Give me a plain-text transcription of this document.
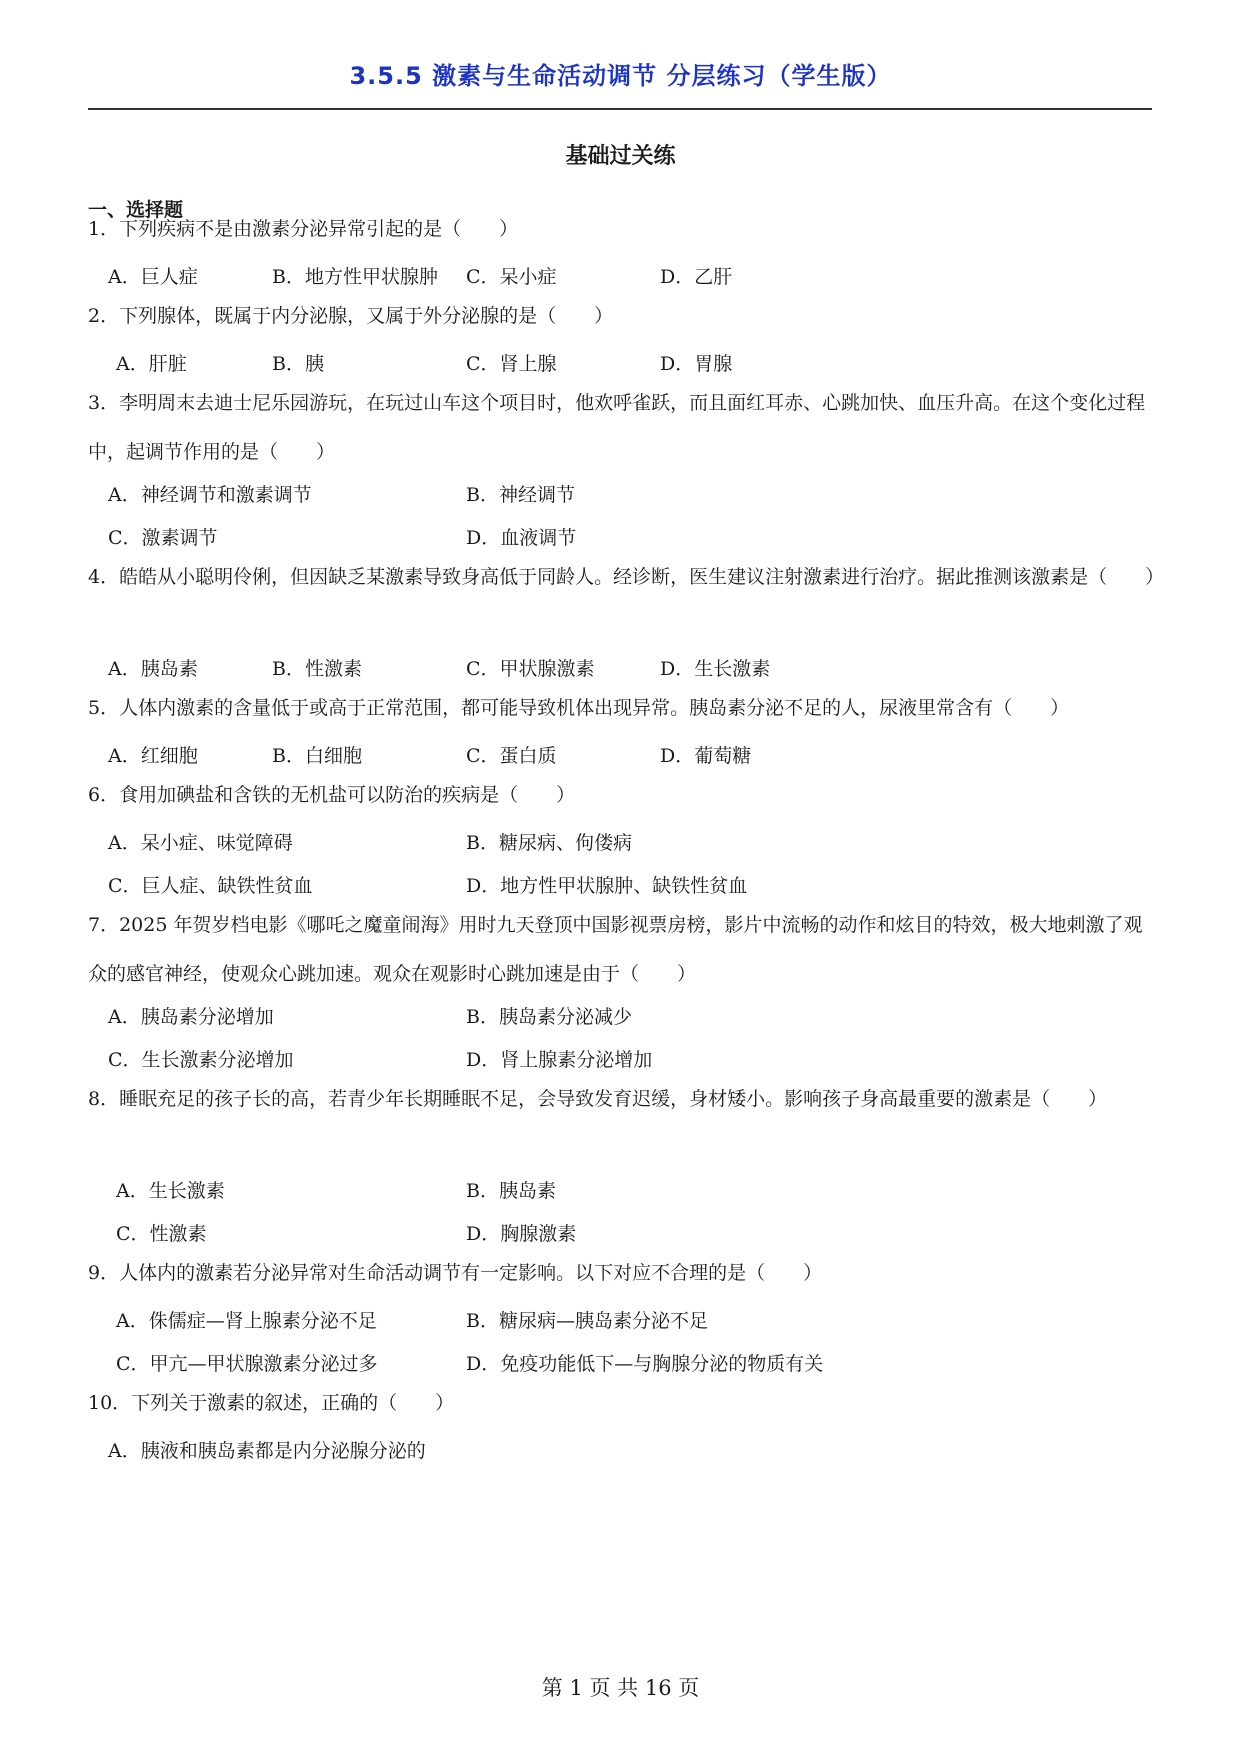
3.5.5 激素与生命活动调节 分层练习（学生版）
基础过关练
一、选择题
1．下列疾病不是由激素分泌异常引起的是（　　）
A．巨人症	B．地方性甲状腺肿 C．呆小症	D．乙肝
2．下列腺体，既属于内分泌腺，又属于外分泌腺的是（　　）
A．肝脏	B．胰	C．肾上腺	D．胃腺
3．李明周末去迪士尼乐园游玩，在玩过山车这个项目时，他欢呼雀跃，而且面红耳赤、心跳加快、血压升高。在这个变化过程中，起调节作用的是（　　）
A．神经调节和激素调节	B．神经调节
C．激素调节	D．血液调节
4．皓皓从小聪明伶俐，但因缺乏某激素导致身高低于同龄人。经诊断，医生建议注射激素进行治疗。据此推测该激素是（　　）
A．胰岛素	B．性激素	C．甲状腺激素	D．生长激素
5．人体内激素的含量低于或高于正常范围，都可能导致机体出现异常。胰岛素分泌不足的人，尿液里常含有（　　）
A．红细胞	B．白细胞	C．蛋白质	D．葡萄糖
6．食用加碘盐和含铁的无机盐可以防治的疾病是（　　）
A．呆小症、味觉障碍	B．糖尿病、佝偻病
C．巨人症、缺铁性贫血	D．地方性甲状腺肿、缺铁性贫血
7．2025 年贺岁档电影《哪吒之魔童闹海》用时九天登顶中国影视票房榜，影片中流畅的动作和炫目的特效，极大地刺激了观众的感官神经，使观众心跳加速。观众在观影时心跳加速是由于（　　）
A．胰岛素分泌增加	B．胰岛素分泌减少
C．生长激素分泌增加	D．肾上腺素分泌增加
8．睡眠充足的孩子长的高，若青少年长期睡眠不足，会导致发育迟缓，身材矮小。影响孩子身高最重要的激素是（　　）
A．生长激素	B．胰岛素
C．性激素	D．胸腺激素
9．人体内的激素若分泌异常对生命活动调节有一定影响。以下对应不合理的是（　　）
A．侏儒症—肾上腺素分泌不足	B．糖尿病—胰岛素分泌不足
C．甲亢—甲状腺激素分泌过多	D．免疫功能低下—与胸腺分泌的物质有关
10．下列关于激素的叙述，正确的（　　）
A．胰液和胰岛素都是内分泌腺分泌的
第 1 页 共 16 页
